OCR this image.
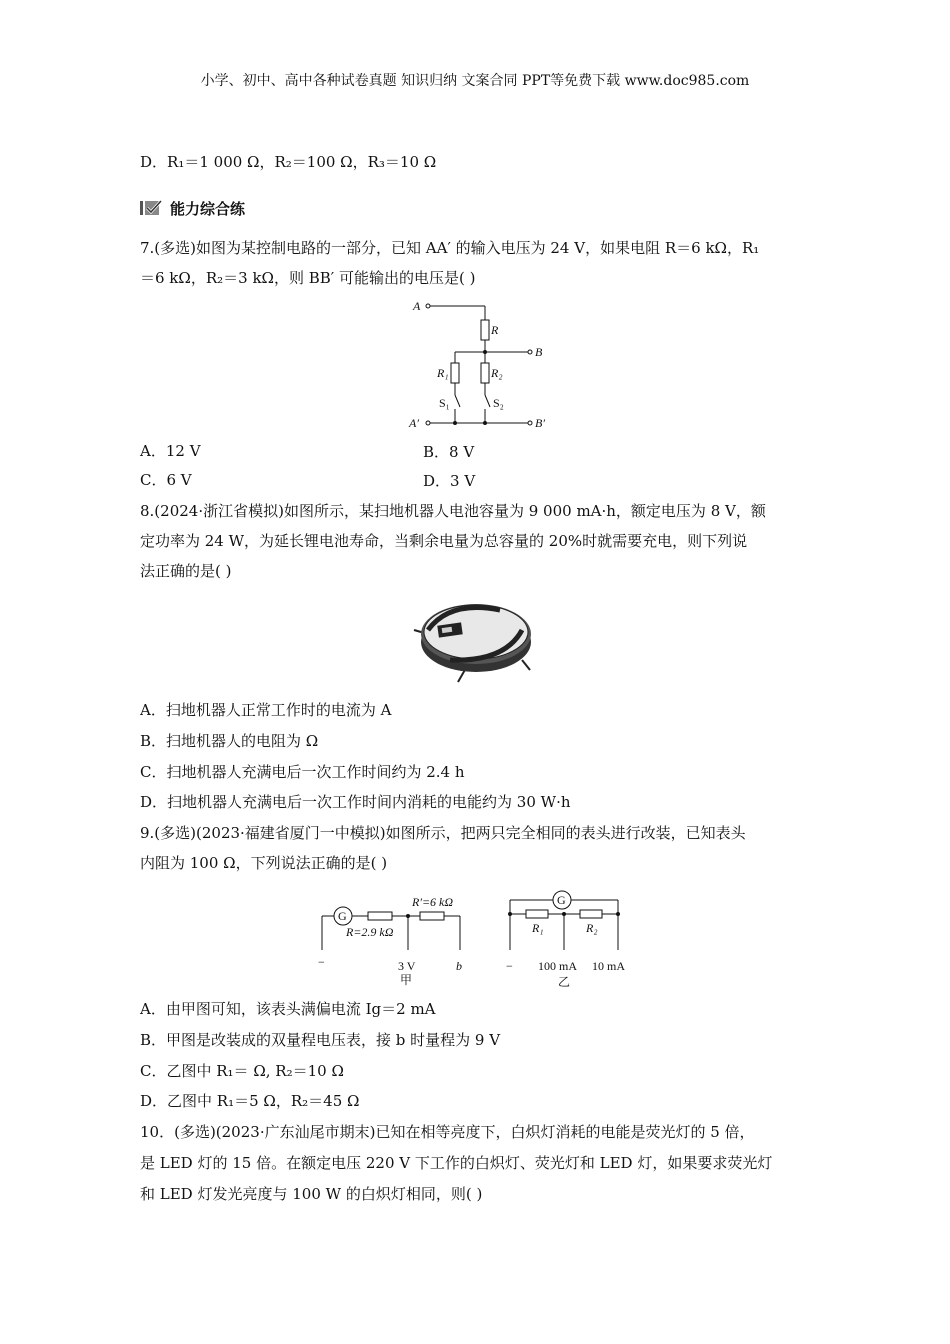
小学、初中、高中各种试卷真题 知识归纳 文案合同 PPT等免费下载 www.doc985.com
D．R₁＝1 000 Ω，R₂＝100 Ω，R₃＝10 Ω
能力综合练
7.(多选)如图为某控制电路的一部分，已知 AA′ 的输入电压为 24 V，如果电阻 R＝6 kΩ，R₁
＝6 kΩ，R₂＝3 kΩ，则 BB′ 可能输出的电压是( )
A
R
B
R₁	R₂
S₁	S₂
A′	B′
A．12 V	B．8 V
C．6 V	D．3 V
8.(2024·浙江省模拟)如图所示，某扫地机器人电池容量为 9 000 mA·h，额定电压为 8 V，额
定功率为 24 W，为延长锂电池寿命，当剩余电量为总容量的 20%时就需要充电，则下列说
法正确的是( )
A．扫地机器人正常工作时的电流为 A
B．扫地机器人的电阻为 Ω
C．扫地机器人充满电后一次工作时间约为 2.4 h
D．扫地机器人充满电后一次工作时间内消耗的电能约为 30 W·h
9.(多选)(2023·福建省厦门一中模拟)如图所示，把两只完全相同的表头进行改装，已知表头
内阻为 100 Ω，下列说法正确的是( )
G
R=2.9 kΩ
R′=6 kΩ
−	3 V	b
甲
G
R₁	R₂
− 100 mA 10 mA
乙
A．由甲图可知，该表头满偏电流 Ig＝2 mA
B．甲图是改装成的双量程电压表，接 b 时量程为 9 V
C．乙图中 R₁＝ Ω, R₂＝10 Ω
D．乙图中 R₁＝5 Ω，R₂＝45 Ω
10．(多选)(2023·广东汕尾市期末)已知在相等亮度下，白炽灯消耗的电能是荧光灯的 5 倍，
是 LED 灯的 15 倍。在额定电压 220 V 下工作的白炽灯、荧光灯和 LED 灯，如果要求荧光灯
和 LED 灯发光亮度与 100 W 的白炽灯相同，则( )
